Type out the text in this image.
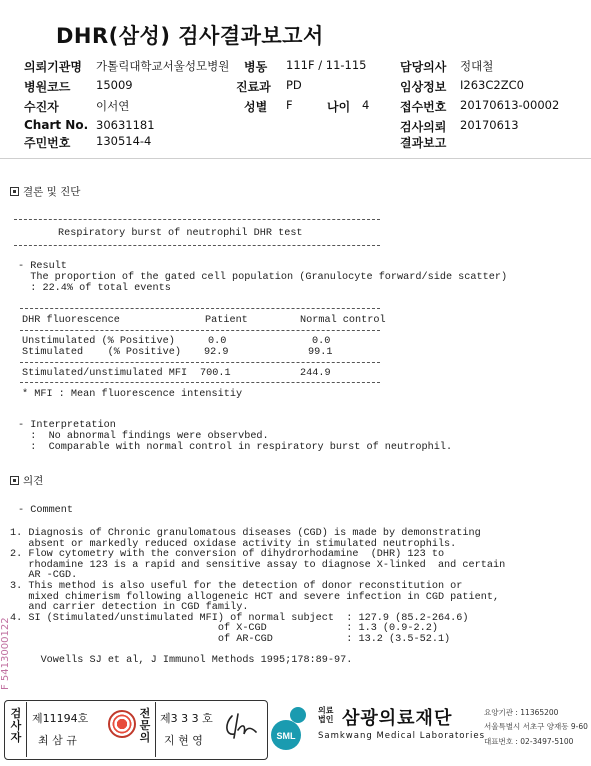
DHR(삼성) 검사결과보고서
의뢰기관명 가톨릭대학교서울성모병원 병동 111F / 11-115	담당의사 정대철
병원코드 15009	진료과 PD	임상정보 I263C2ZC0
수진자	이서연	성별 F	나이 4	접수번호 20170613-00002
Chart No. 30631181	검사의뢰 20170613
주민번호 130514-4	결과보고
결론 및 진단
Respiratory burst of neutrophil DHR test
- Result
The proportion of the gated cell population (Granulocyte forward/side scatter)
: 22.4% of total events
DHR fluorescence	Patient	Normal control
Unstimulated (% Positive)	0.0	0.0
Stimulated    (% Positive) 92.9	99.1
Stimulated/unstimulated MFI 700.1	244.9
* MFI : Mean fluorescence intensitiy
- Interpretation
:  No abnormal findings were observbed.
:  Comparable with normal control in respiratory burst of neutrophil.
의견
- Comment
1. Diagnosis of Chronic granulomatous diseases (CGD) is made by demonstrating
absent or markedly reduced oxidase activity in stimulated neutrophils.
2. Flow cytometry with the conversion of dihydrorhodamine  (DHR) 123 to
rhodamine 123 is a rapid and sensitive assay to diagnose X-linked  and certain
AR -CGD.
3. This method is also useful for the detection of donor reconstitution or
mixed chimerism following allogeneic HCT and severe infection in CGD patient,
and carrier detection in CGD family.
4. SI (Stimulated/unstimulated MFI) of normal subject  : 127.9 (85.2-264.6)
of X-CGD             : 1.3 (0.9-2.2)
of AR-CGD            : 13.2 (3.5-52.1)
Vowells SJ et al, J Immunol Methods 1995;178:89-97.
F 5413000122
검
사
자
제11194호
최 삼 규
전
문
의
제3 3 3 호
지 현 영	SML
의료
법인 삼광의료재단
Samkwang Medical Laboratories
요양기관 : 11365200
서울특별시 서초구 양재동 9-60
대표번호 : 02-3497-5100
